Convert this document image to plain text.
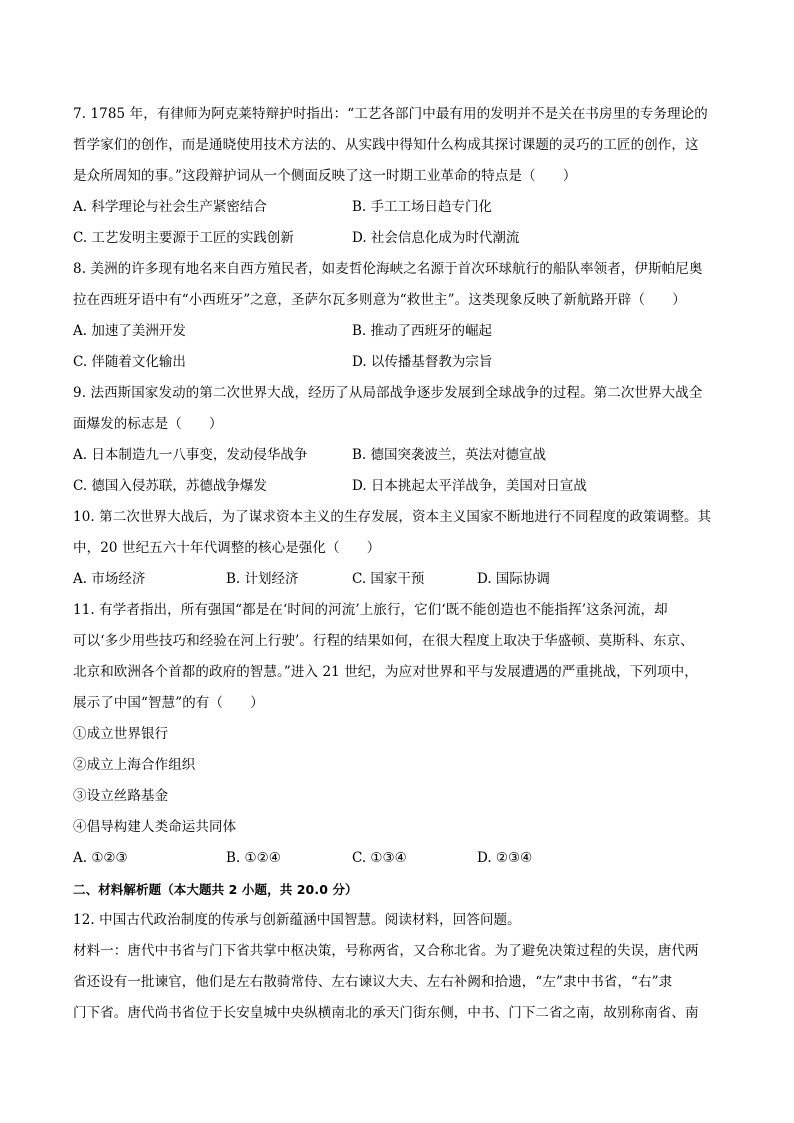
7. 1785 年，有律师为阿克莱特辩护时指出：“工艺各部门中最有用的发明并不是关在书房里的专务理论的
哲学家们的创作，而是通晓使用技术方法的、从实践中得知什么构成其探讨课题的灵巧的工匠的创作，这
是众所周知的事。”这段辩护词从一个侧面反映了这一时期工业革命的特点是（　　）
A. 科学理论与社会生产紧密结合	B. 手工工场日趋专门化
C. 工艺发明主要源于工匠的实践创新	D. 社会信息化成为时代潮流
8. 美洲的许多现有地名来自西方殖民者，如麦哲伦海峡之名源于首次环球航行的船队率领者，伊斯帕尼奥
拉在西班牙语中有“小西班牙”之意，圣萨尔瓦多则意为“救世主”。这类现象反映了新航路开辟（　　）
A. 加速了美洲开发	B. 推动了西班牙的崛起
C. 伴随着文化输出	D. 以传播基督教为宗旨
9. 法西斯国家发动的第二次世界大战，经历了从局部战争逐步发展到全球战争的过程。第二次世界大战全
面爆发的标志是（　　）
A. 日本制造九一八事变，发动侵华战争	B. 德国突袭波兰，英法对德宣战
C. 德国入侵苏联，苏德战争爆发	D. 日本挑起太平洋战争，美国对日宣战
10. 第二次世界大战后，为了谋求资本主义的生存发展，资本主义国家不断地进行不同程度的政策调整。其
中，20 世纪五六十年代调整的核心是强化（　　）
A. 市场经济	B. 计划经济	C. 国家干预	D. 国际协调
11. 有学者指出，所有强国“都是在‘时间的河流’上旅行，它们‘既不能创造也不能指挥’这条河流，却
可以‘多少用些技巧和经验在河上行驶’。行程的结果如何，在很大程度上取决于华盛顿、莫斯科、东京、
北京和欧洲各个首都的政府的智慧。”进入 21 世纪，为应对世界和平与发展遭遇的严重挑战，下列项中，
展示了中国“智慧”的有（　　）
①成立世界银行
②成立上海合作组织
③设立丝路基金
④倡导构建人类命运共同体
A. ①②③	B. ①②④	C. ①③④	D. ②③④
二、材料解析题（本大题共 2 小题，共 20.0 分）
12. 中国古代政治制度的传承与创新蕴涵中国智慧。阅读材料，回答问题。
材料一：唐代中书省与门下省共掌中枢决策，号称两省，又合称北省。为了避免决策过程的失误，唐代两
省还设有一批谏官，他们是左右散骑常侍、左右谏议大夫、左右补阙和拾遗，“左”隶中书省，“右”隶
门下省。唐代尚书省位于长安皇城中央纵横南北的承天门街东侧，中书、门下二省之南，故别称南省、南
